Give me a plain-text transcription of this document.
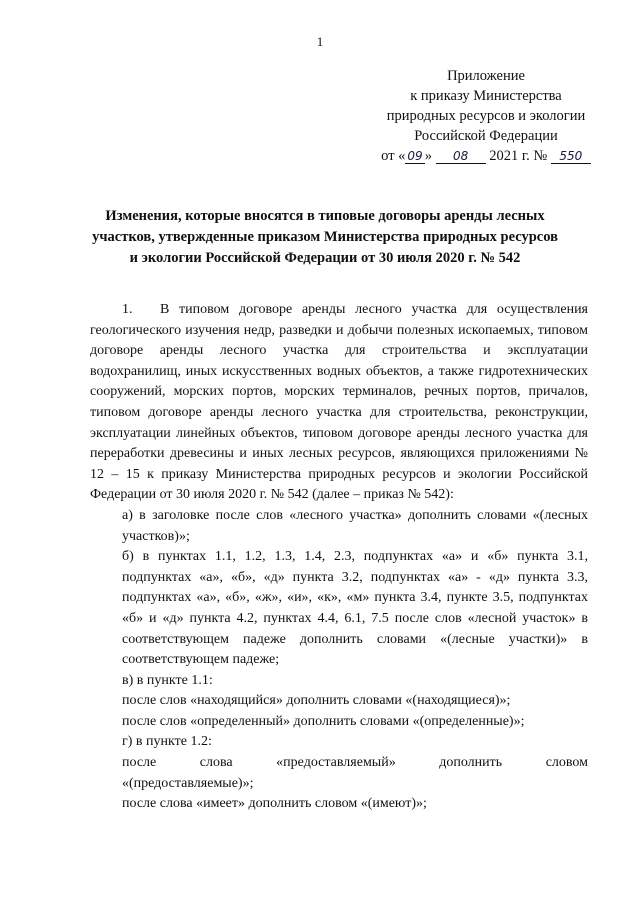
1
Приложение
к приказу Министерства
природных ресурсов и экологии
Российской Федерации
от « 09 » 08 2021 г. № 550
Изменения, которые вносятся в типовые договоры аренды лесных участков, утвержденные приказом Министерства природных ресурсов и экологии Российской Федерации от 30 июля 2020 г. № 542

1. В типовом договоре аренды лесного участка для осуществления геологического изучения недр, разведки и добычи полезных ископаемых, типовом договоре аренды лесного участка для строительства и эксплуатации водохранилищ, иных искусственных водных объектов, а также гидротехнических сооружений, морских портов, морских терминалов, речных портов, причалов, типовом договоре аренды лесного участка для строительства, реконструкции, эксплуатации линейных объектов, типовом договоре аренды лесного участка для переработки древесины и иных лесных ресурсов, являющихся приложениями № 12 – 15 к приказу Министерства природных ресурсов и экологии Российской Федерации от 30 июля 2020 г. № 542 (далее – приказ № 542):

а) в заголовке после слов «лесного участка» дополнить словами «(лесных участков)»;

б) в пунктах 1.1, 1.2, 1.3, 1.4, 2.3, подпунктах «а» и «б» пункта 3.1, подпунктах «а», «б», «д» пункта 3.2, подпунктах «а» - «д» пункта 3.3, подпунктах «а», «б», «ж», «и», «к», «м» пункта 3.4, пункте 3.5, подпунктах «б» и «д» пункта 4.2, пунктах 4.4, 6.1, 7.5 после слов «лесной участок» в соответствующем падеже дополнить словами «(лесные участки)» в соответствующем падеже;

в) в пункте 1.1:

после слов «находящийся» дополнить словами «(находящиеся)»;

после слов «определенный» дополнить словами «(определенные)»;

г) в пункте 1.2:

после	слова	«предоставляемый»	дополнить	словом

«(предоставляемые)»;

после слова «имеет» дополнить словом «(имеют)»;
